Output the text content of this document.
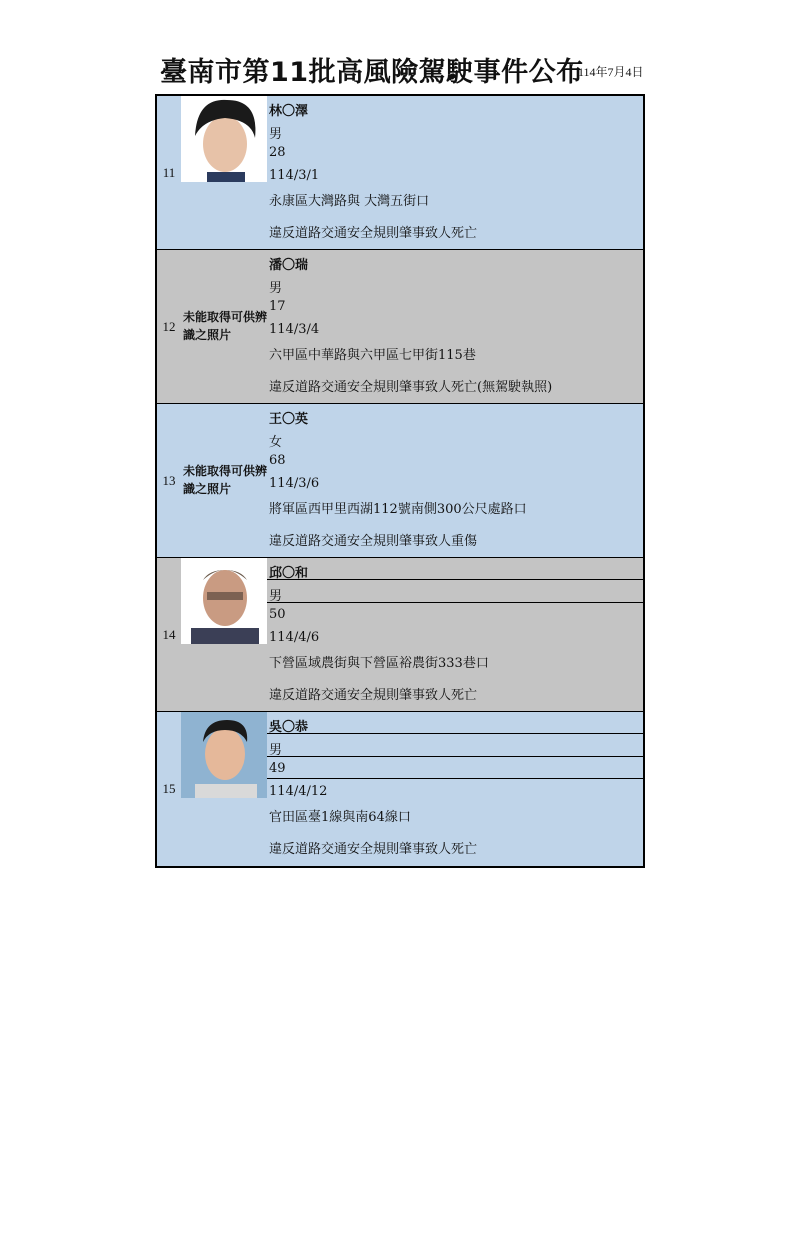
臺南市第11批高風險駕駛事件公布
114年7月4日
11
林〇澤
男
28
114/3/1
永康區大灣路與 大灣五街口
違反道路交通安全規則肇事致人死亡
12
未能取得可供辨識之照片
潘〇瑞
男
17
114/3/4
六甲區中華路與六甲區七甲街115巷
違反道路交通安全規則肇事致人死亡(無駕駛執照)
13
未能取得可供辨識之照片
王〇英
女
68
114/3/6
將軍區西甲里西湖112號南側300公尺處路口
違反道路交通安全規則肇事致人重傷
14
邱〇和
男
50
114/4/6
下營區域農街與下營區裕農街333巷口
違反道路交通安全規則肇事致人死亡
15
吳〇恭
男
49
114/4/12
官田區臺1線與南64線口
違反道路交通安全規則肇事致人死亡
